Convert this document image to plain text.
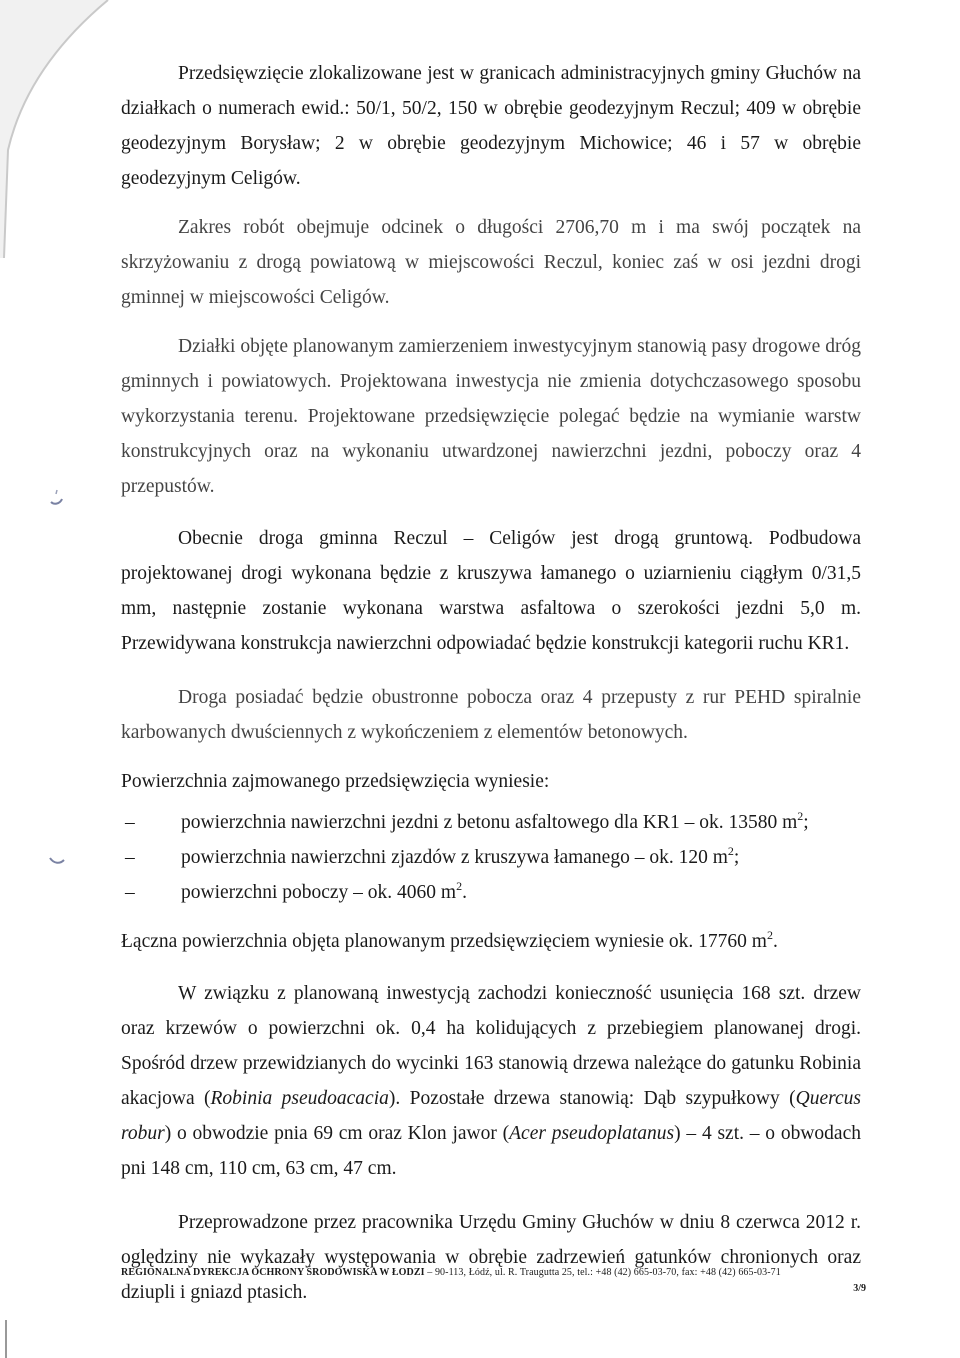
Przedsięwzięcie zlokalizowane jest w granicach administracyjnych gminy Głuchów na działkach o numerach ewid.: 50/1, 50/2, 150 w obrębie geodezyjnym Reczul; 409 w obrębie geodezyjnym Borysław; 2 w obrębie geodezyjnym Michowice; 46 i 57 w obrębie geodezyjnym Celigów.

Zakres robót obejmuje odcinek o długości 2706,70 m i ma swój początek na skrzyżowaniu z drogą powiatową w miejscowości Reczul, koniec zaś w osi jezdni drogi gminnej w miejscowości Celigów.

Działki objęte planowanym zamierzeniem inwestycyjnym stanowią pasy drogowe dróg gminnych i powiatowych. Projektowana inwestycja nie zmienia dotychczasowego sposobu wykorzystania terenu. Projektowane przedsięwzięcie polegać będzie na wymianie warstw konstrukcyjnych oraz na wykonaniu utwardzonej nawierzchni jezdni, poboczy oraz 4 przepustów.

Obecnie droga gminna Reczul – Celigów jest drogą gruntową. Podbudowa projektowanej drogi wykonana będzie z kruszywa łamanego o uziarnieniu ciągłym 0/31,5 mm, następnie zostanie wykonana warstwa asfaltowa o szerokości jezdni 5,0 m. Przewidywana konstrukcja nawierzchni odpowiadać będzie konstrukcji kategorii ruchu KR1.

Droga posiadać będzie obustronne pobocza oraz 4 przepusty z rur PEHD spiralnie karbowanych dwuściennych z wykończeniem z elementów betonowych.

Powierzchnia zajmowanego przedsięwzięcia wyniesie:

– powierzchnia nawierzchni jezdni z betonu asfaltowego dla KR1 – ok. 13580 $m^2$;
– powierzchnia nawierzchni zjazdów z kruszywa łamanego – ok. 120 $m^2$;
– powierzchni poboczy – ok. 4060 $m^2$.

Łączna powierzchnia objęta planowanym przedsięwzięciem wyniesie ok. 17760 $m^2$.

W związku z planowaną inwestycją zachodzi konieczność usunięcia 168 szt. drzew oraz krzewów o powierzchni ok. 0,4 ha kolidujących z przebiegiem planowanej drogi. Spośród drzew przewidzianych do wycinki 163 stanowią drzewa należące do gatunku Robinia akacjowa (Robinia pseudoacacia). Pozostałe drzewa stanowią: Dąb szypułkowy (Quercus robur) o obwodzie pnia 69 cm oraz Klon jawor (Acer pseudoplatanus) – 4 szt. – o obwodach pni 148 cm, 110 cm, 63 cm, 47 cm.

Przeprowadzone przez pracownika Urzędu Gminy Głuchów w dniu 8 czerwca 2012 r. oględziny nie wykazały występowania w obrębie zadrzewień gatunków chronionych oraz dziupli i gniazd ptasich.

REGIONALNA DYREKCJA OCHRONY ŚRODOWISKA W ŁODZI – 90-113, Łódź, ul. R. Traugutta 25, tel.: +48 (42) 665-03-70, fax: +48 (42) 665-03-71
3/9
